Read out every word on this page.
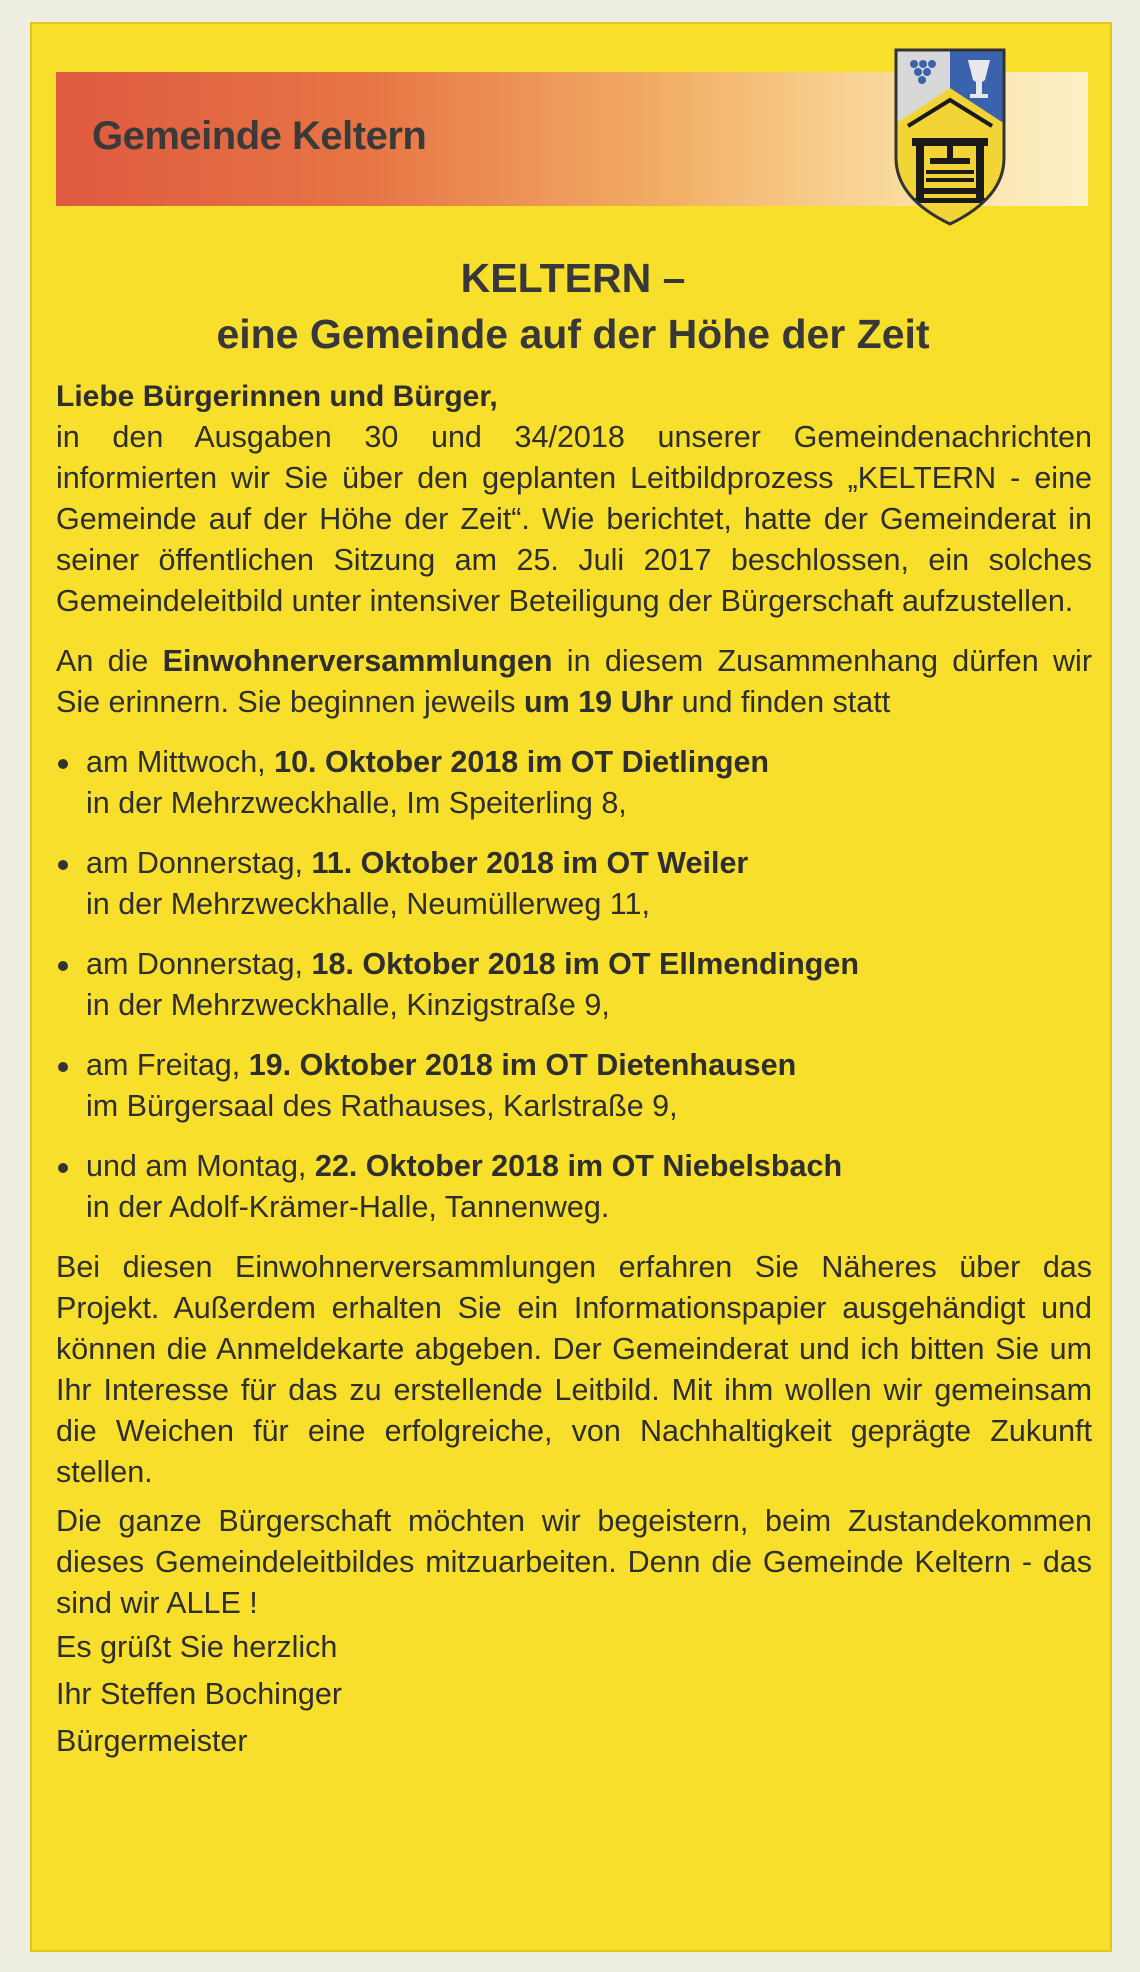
Gemeinde Keltern
KELTERN –
eine Gemeinde auf der Höhe der Zeit

Liebe Bürgerinnen und Bürger,

in den Ausgaben 30 und 34/2018 unserer Gemeindenachrichten informierten wir Sie über den geplanten Leitbildprozess „KELTERN - eine Gemeinde auf der Höhe der Zeit“. Wie berichtet, hatte der Gemeinderat in seiner öffentlichen Sitzung am 25. Juli 2017 beschlossen, ein solches Gemeindeleitbild unter intensiver Beteiligung der Bürgerschaft aufzustellen.

An die Einwohnerversammlungen in diesem Zusammenhang dürfen wir Sie erinnern. Sie beginnen jeweils um 19 Uhr und finden statt

am Mittwoch, 10. Oktober 2018 im OT Dietlingen
in der Mehrzweckhalle, Im Speiterling 8,
am Donnerstag, 11. Oktober 2018 im OT Weiler
in der Mehrzweckhalle, Neumüllerweg 11,
am Donnerstag, 18. Oktober 2018 im OT Ellmendingen
in der Mehrzweckhalle, Kinzigstraße 9,
am Freitag, 19. Oktober 2018 im OT Dietenhausen
im Bürgersaal des Rathauses, Karlstraße 9,
und am Montag, 22. Oktober 2018 im OT Niebelsbach
in der Adolf-Krämer-Halle, Tannenweg.

Bei diesen Einwohnerversammlungen erfahren Sie Näheres über das Projekt. Außerdem erhalten Sie ein Informationspapier ausgehändigt und können die Anmeldekarte abgeben. Der Gemeinderat und ich bitten Sie um Ihr Interesse für das zu erstellende Leitbild. Mit ihm wollen wir gemeinsam die Weichen für eine erfolgreiche, von Nachhaltigkeit geprägte Zukunft stellen.

Die ganze Bürgerschaft möchten wir begeistern, beim Zustandekommen dieses Gemeindeleitbildes mitzuarbeiten. Denn die Gemeinde Keltern - das sind wir ALLE !

Es grüßt Sie herzlich

Ihr Steffen Bochinger

Bürgermeister
